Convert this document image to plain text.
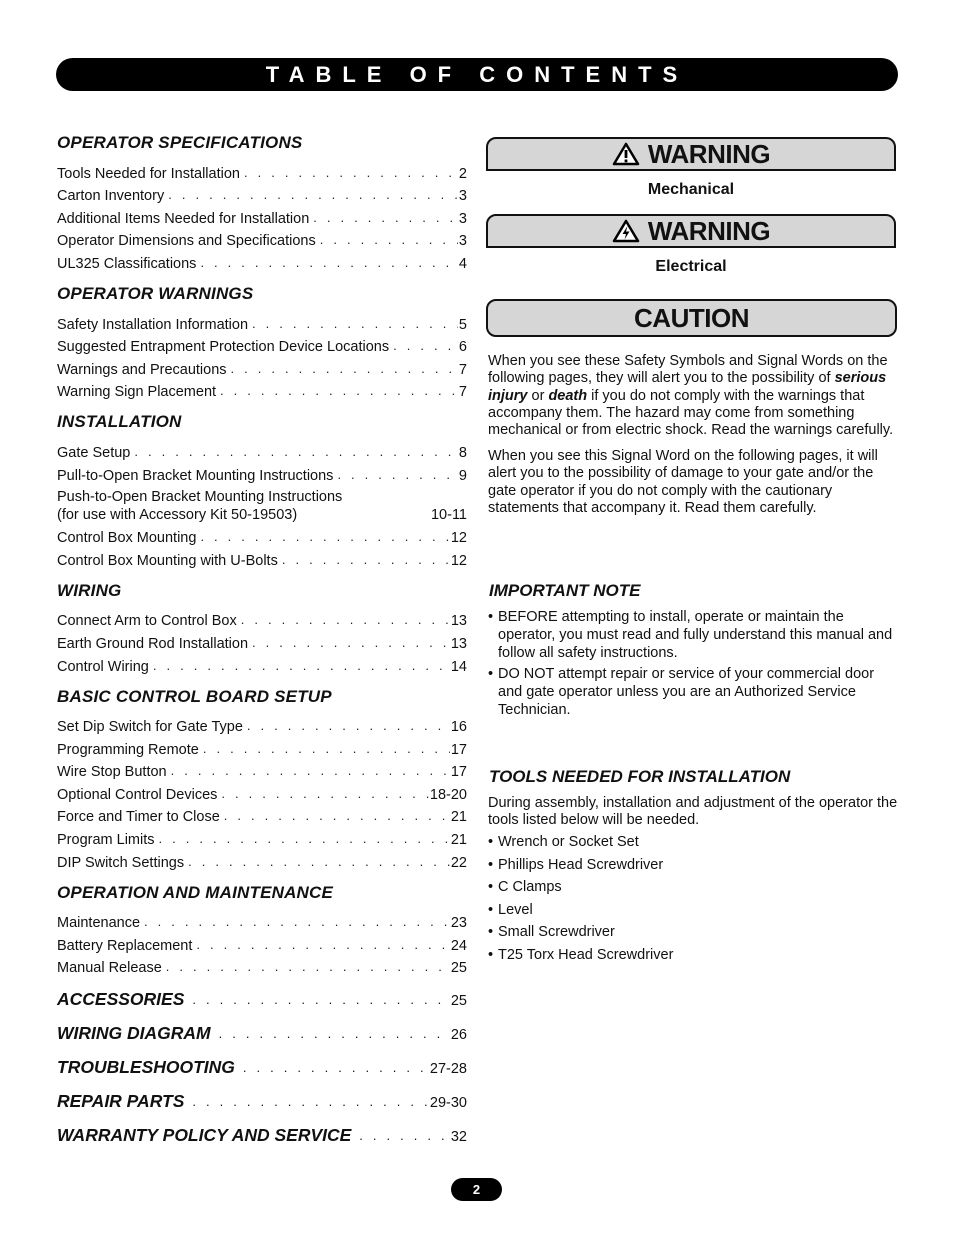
TABLE OF CONTENTS
OPERATOR SPECIFICATIONS
Tools Needed for Installation . . .	2
Carton Inventory . . .	3
Additional Items Needed for Installation . . .	3
Operator Dimensions and Specifications . . .	3
UL325 Classifications . . .	4
OPERATOR WARNINGS
Safety Installation Information . . .	5
Suggested Entrapment Protection Device Locations . . .	6
Warnings and Precautions . . .	7
Warning Sign Placement . . .	7
INSTALLATION
Gate Setup . . .	8
Pull-to-Open Bracket Mounting Instructions . . .	9
Push-to-Open Bracket Mounting Instructions
(for use with Accessory Kit 50-19503)	10-11
Control Box Mounting . . .	12
Control Box Mounting with U-Bolts . . .	12
WIRING
Connect Arm to Control Box . . .	13
Earth Ground Rod Installation . . .	13
Control Wiring . . .	14
BASIC CONTROL BOARD SETUP
Set Dip Switch for Gate Type . . .	16
Programming Remote . . .	17
Wire Stop Button . . .	17
Optional Control Devices . . .	18-20
Force and Timer to Close . . .	21
Program Limits . . .	21
DIP Switch Settings . . .	22
OPERATION AND MAINTENANCE
Maintenance . . .	23
Battery Replacement . . .	24
Manual Release . . .	25
ACCESSORIES . . .	25
WIRING DIAGRAM . . .	26
TROUBLESHOOTING . . .	27-28
REPAIR PARTS . . .	29-30
WARRANTY POLICY AND SERVICE . . .	32
WARNING
Mechanical
WARNING
Electrical
CAUTION
When you see these Safety Symbols and Signal Words on the following pages, they will alert you to the possibility of serious injury or death if you do not comply with the warnings that accompany them. The hazard may come from something mechanical or from electric shock. Read the warnings carefully.
When you see this Signal Word on the following pages, it will alert you to the possibility of damage to your gate and/or the gate operator if you do not comply with the cautionary statements that accompany it. Read them carefully.
IMPORTANT NOTE
• BEFORE attempting to install, operate or maintain the operator, you must read and fully understand this manual and follow all safety instructions.
• DO NOT attempt repair or service of your commercial door and gate operator unless you are an Authorized Service Technician.
TOOLS NEEDED FOR INSTALLATION
During assembly, installation and adjustment of the operator the tools listed below will be needed.
• Wrench or Socket Set
• Phillips Head Screwdriver
• C Clamps
• Level
• Small Screwdriver
• T25 Torx Head Screwdriver
2
